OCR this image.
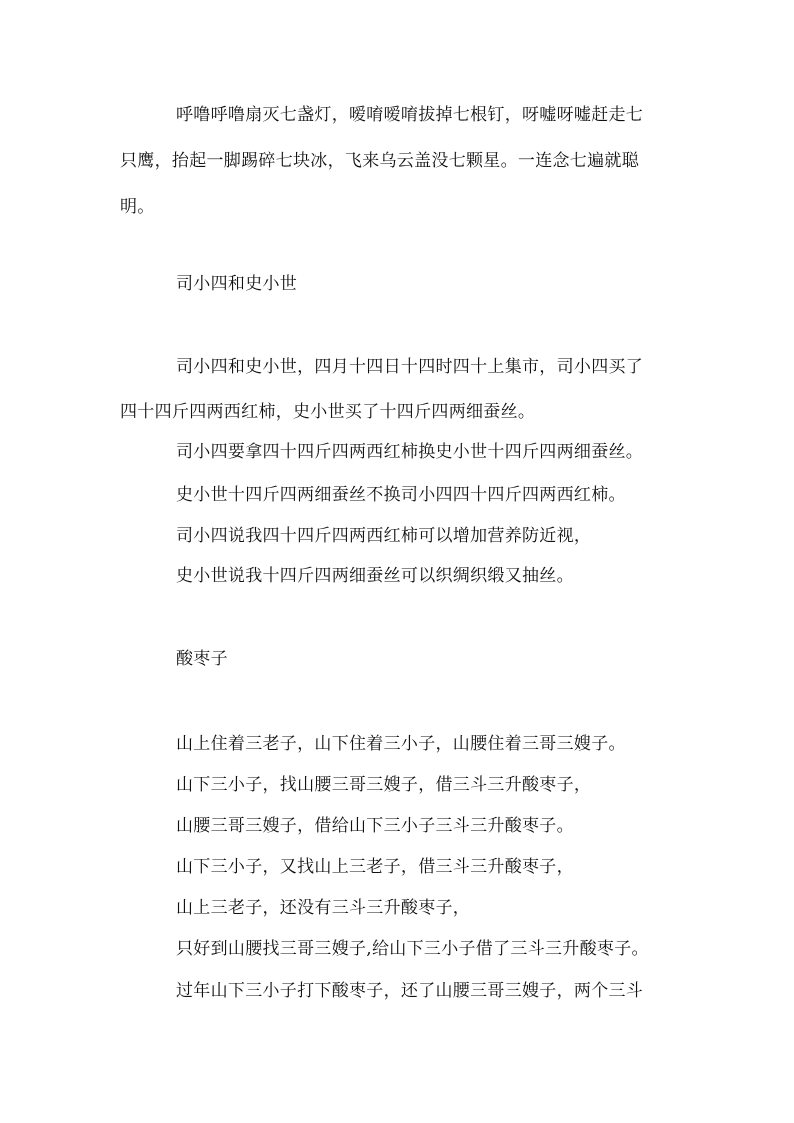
呼噜呼噜扇灭七盏灯，嗳唷嗳唷拔掉七根钉，呀嘘呀嘘赶走七
只鹰，抬起一脚踢碎七块冰，飞来乌云盖没七颗星。一连念七遍就聪
明。
司小四和史小世
司小四和史小世，四月十四日十四时四十上集市，司小四买了
四十四斤四两西红柿，史小世买了十四斤四两细蚕丝。
司小四要拿四十四斤四两西红柿换史小世十四斤四两细蚕丝。
史小世十四斤四两细蚕丝不换司小四四十四斤四两西红柿。
司小四说我四十四斤四两西红柿可以增加营养防近视，
史小世说我十四斤四两细蚕丝可以织绸织缎又抽丝。
酸枣子
山上住着三老子，山下住着三小子，山腰住着三哥三嫂子。
山下三小子，找山腰三哥三嫂子，借三斗三升酸枣子，
山腰三哥三嫂子，借给山下三小子三斗三升酸枣子。
山下三小子，又找山上三老子，借三斗三升酸枣子，
山上三老子，还没有三斗三升酸枣子，
只好到山腰找三哥三嫂子,给山下三小子借了三斗三升酸枣子。
过年山下三小子打下酸枣子，还了山腰三哥三嫂子，两个三斗
